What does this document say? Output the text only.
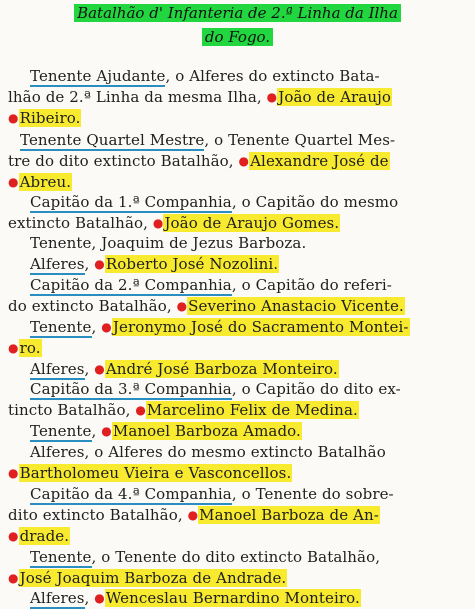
Batalhão d' Infanteria de 2.ª Linha da Ilha
do Fogo.
Tenente Ajudante, o Alferes do extincto Bata-
lhão de 2.ª Linha da mesma Ilha, ●João de Araujo
●Ribeiro.
Tenente Quartel Mestre, o Tenente Quartel Mes-
tre do dito extincto Batalhão, ●Alexandre José de
●Abreu.
Capitão da 1.ª Companhia, o Capitão do mesmo
extincto Batalhão, ●João de Araujo Gomes.
Tenente, Joaquim de Jezus Barboza.
Alferes, ●Roberto José Nozolini.
Capitão da 2.ª Companhia, o Capitão do referi-
do extincto Batalhão, ●Severino Anastacio Vicente.
Tenente, ●Jeronymo José do Sacramento Montei-
●ro.
Alferes, ●André José Barboza Monteiro.
Capitão da 3.ª Companhia, o Capitão do dito ex-
tincto Batalhão, ●Marcelino Felix de Medina.
Tenente, ●Manoel Barboza Amado.
Alferes, o Alferes do mesmo extincto Batalhão
●Bartholomeu Vieira e Vasconcellos.
Capitão da 4.ª Companhia, o Tenente do sobre-
dito extincto Batalhão, ●Manoel Barboza de An-
●drade.
Tenente, o Tenente do dito extincto Batalhão,
●José Joaquim Barboza de Andrade.
Alferes, ●Wenceslau Bernardino Monteiro.
